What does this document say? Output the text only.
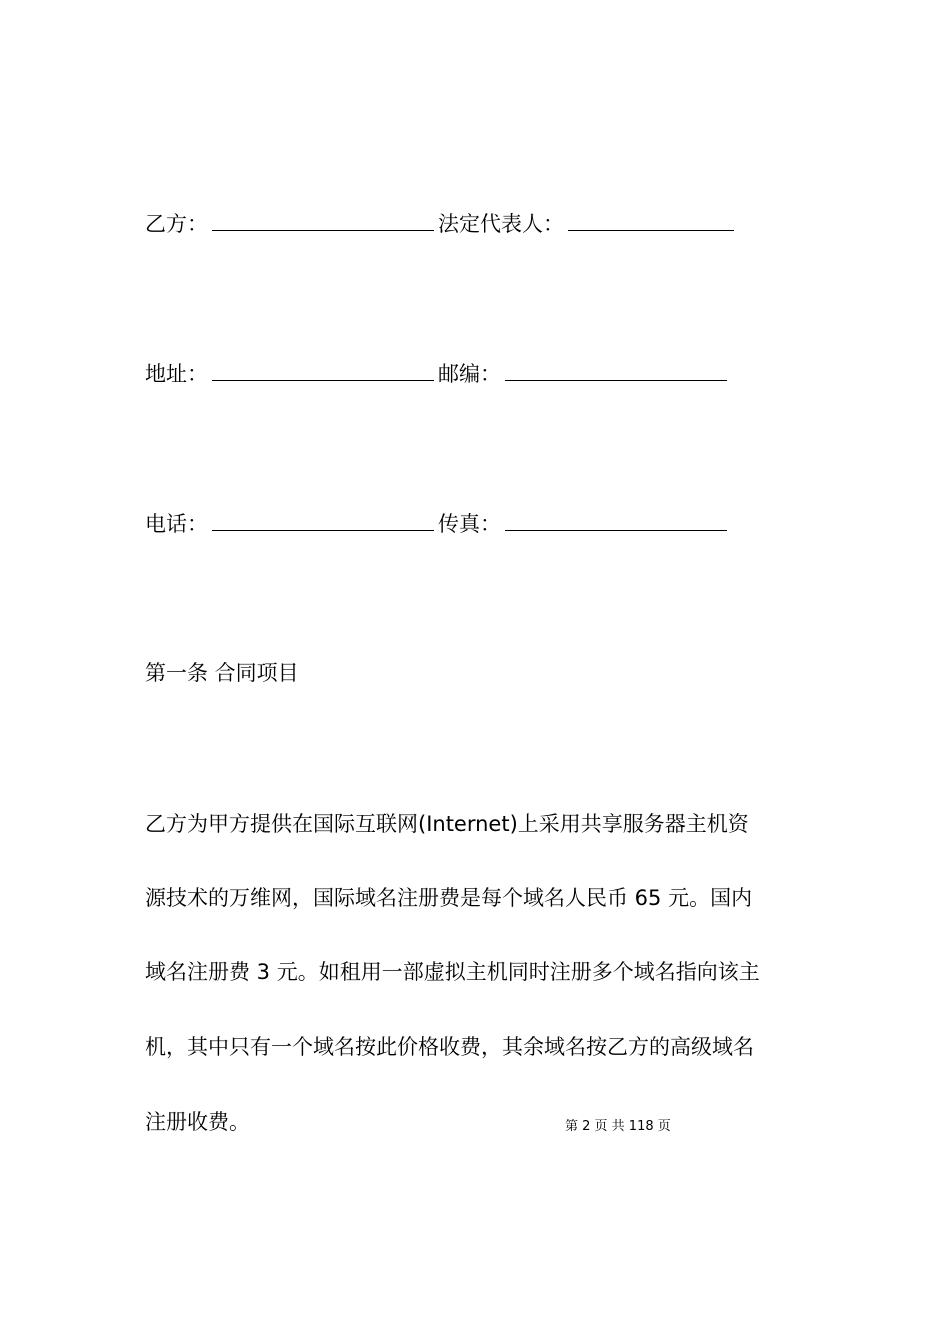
乙方：	法定代表人：
地址：	邮编：
电话：	传真：
第一条 合同项目
乙方为甲方提供在国际互联网(Internet)上采用共享服务器主机资
源技术的万维网，国际域名注册费是每个域名人民币 65 元。国内
域名注册费 3 元。如租用一部虚拟主机同时注册多个域名指向该主
机，其中只有一个域名按此价格收费，其余域名按乙方的高级域名
注册收费。	第 2 页 共 118 页
